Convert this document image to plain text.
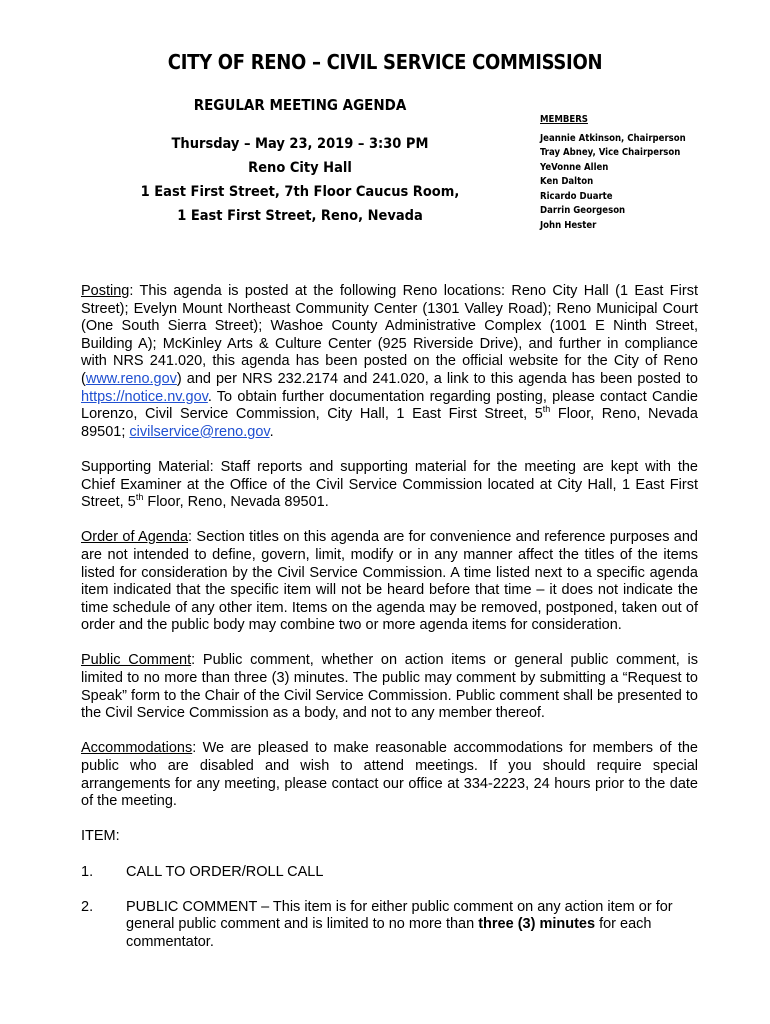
CITY OF RENO – CIVIL SERVICE COMMISSION

REGULAR MEETING AGENDA

Thursday – May 23, 2019 – 3:30 PM

Reno City Hall

1 East First Street, 7th Floor Caucus Room,

1 East First Street, Reno, Nevada

MEMBERS
Jeannie Atkinson, Chairperson
Tray Abney, Vice Chairperson
YeVonne Allen
Ken Dalton
Ricardo Duarte
Darrin Georgeson
John Hester

Posting: This agenda is posted at the following Reno locations: Reno City Hall (1 East First Street); Evelyn Mount Northeast Community Center (1301 Valley Road); Reno Municipal Court (One South Sierra Street); Washoe County Administrative Complex (1001 E Ninth Street, Building A); McKinley Arts & Culture Center (925 Riverside Drive), and further in compliance with NRS 241.020, this agenda has been posted on the official website for the City of Reno (www.reno.gov) and per NRS 232.2174 and 241.020, a link to this agenda has been posted to https://notice.nv.gov. To obtain further documentation regarding posting, please contact Candie Lorenzo, Civil Service Commission, City Hall, 1 East First Street, 5th Floor, Reno, Nevada 89501; civilservice@reno.gov.

Supporting Material: Staff reports and supporting material for the meeting are kept with the Chief Examiner at the Office of the Civil Service Commission located at City Hall, 1 East First Street, 5th Floor, Reno, Nevada 89501.

Order of Agenda: Section titles on this agenda are for convenience and reference purposes and are not intended to define, govern, limit, modify or in any manner affect the titles of the items listed for consideration by the Civil Service Commission. A time listed next to a specific agenda item indicated that the specific item will not be heard before that time – it does not indicate the time schedule of any other item. Items on the agenda may be removed, postponed, taken out of order and the public body may combine two or more agenda items for consideration.

Public Comment: Public comment, whether on action items or general public comment, is limited to no more than three (3) minutes. The public may comment by submitting a “Request to Speak” form to the Chair of the Civil Service Commission. Public comment shall be presented to the Civil Service Commission as a body, and not to any member thereof.

Accommodations: We are pleased to make reasonable accommodations for members of the public who are disabled and wish to attend meetings. If you should require special arrangements for any meeting, please contact our office at 334-2223, 24 hours prior to the date of the meeting.

ITEM:
1.	CALL TO ORDER/ROLL CALL
2.	PUBLIC COMMENT – This item is for either public comment on any action item or for general public comment and is limited to no more than three (3) minutes for each commentator.
